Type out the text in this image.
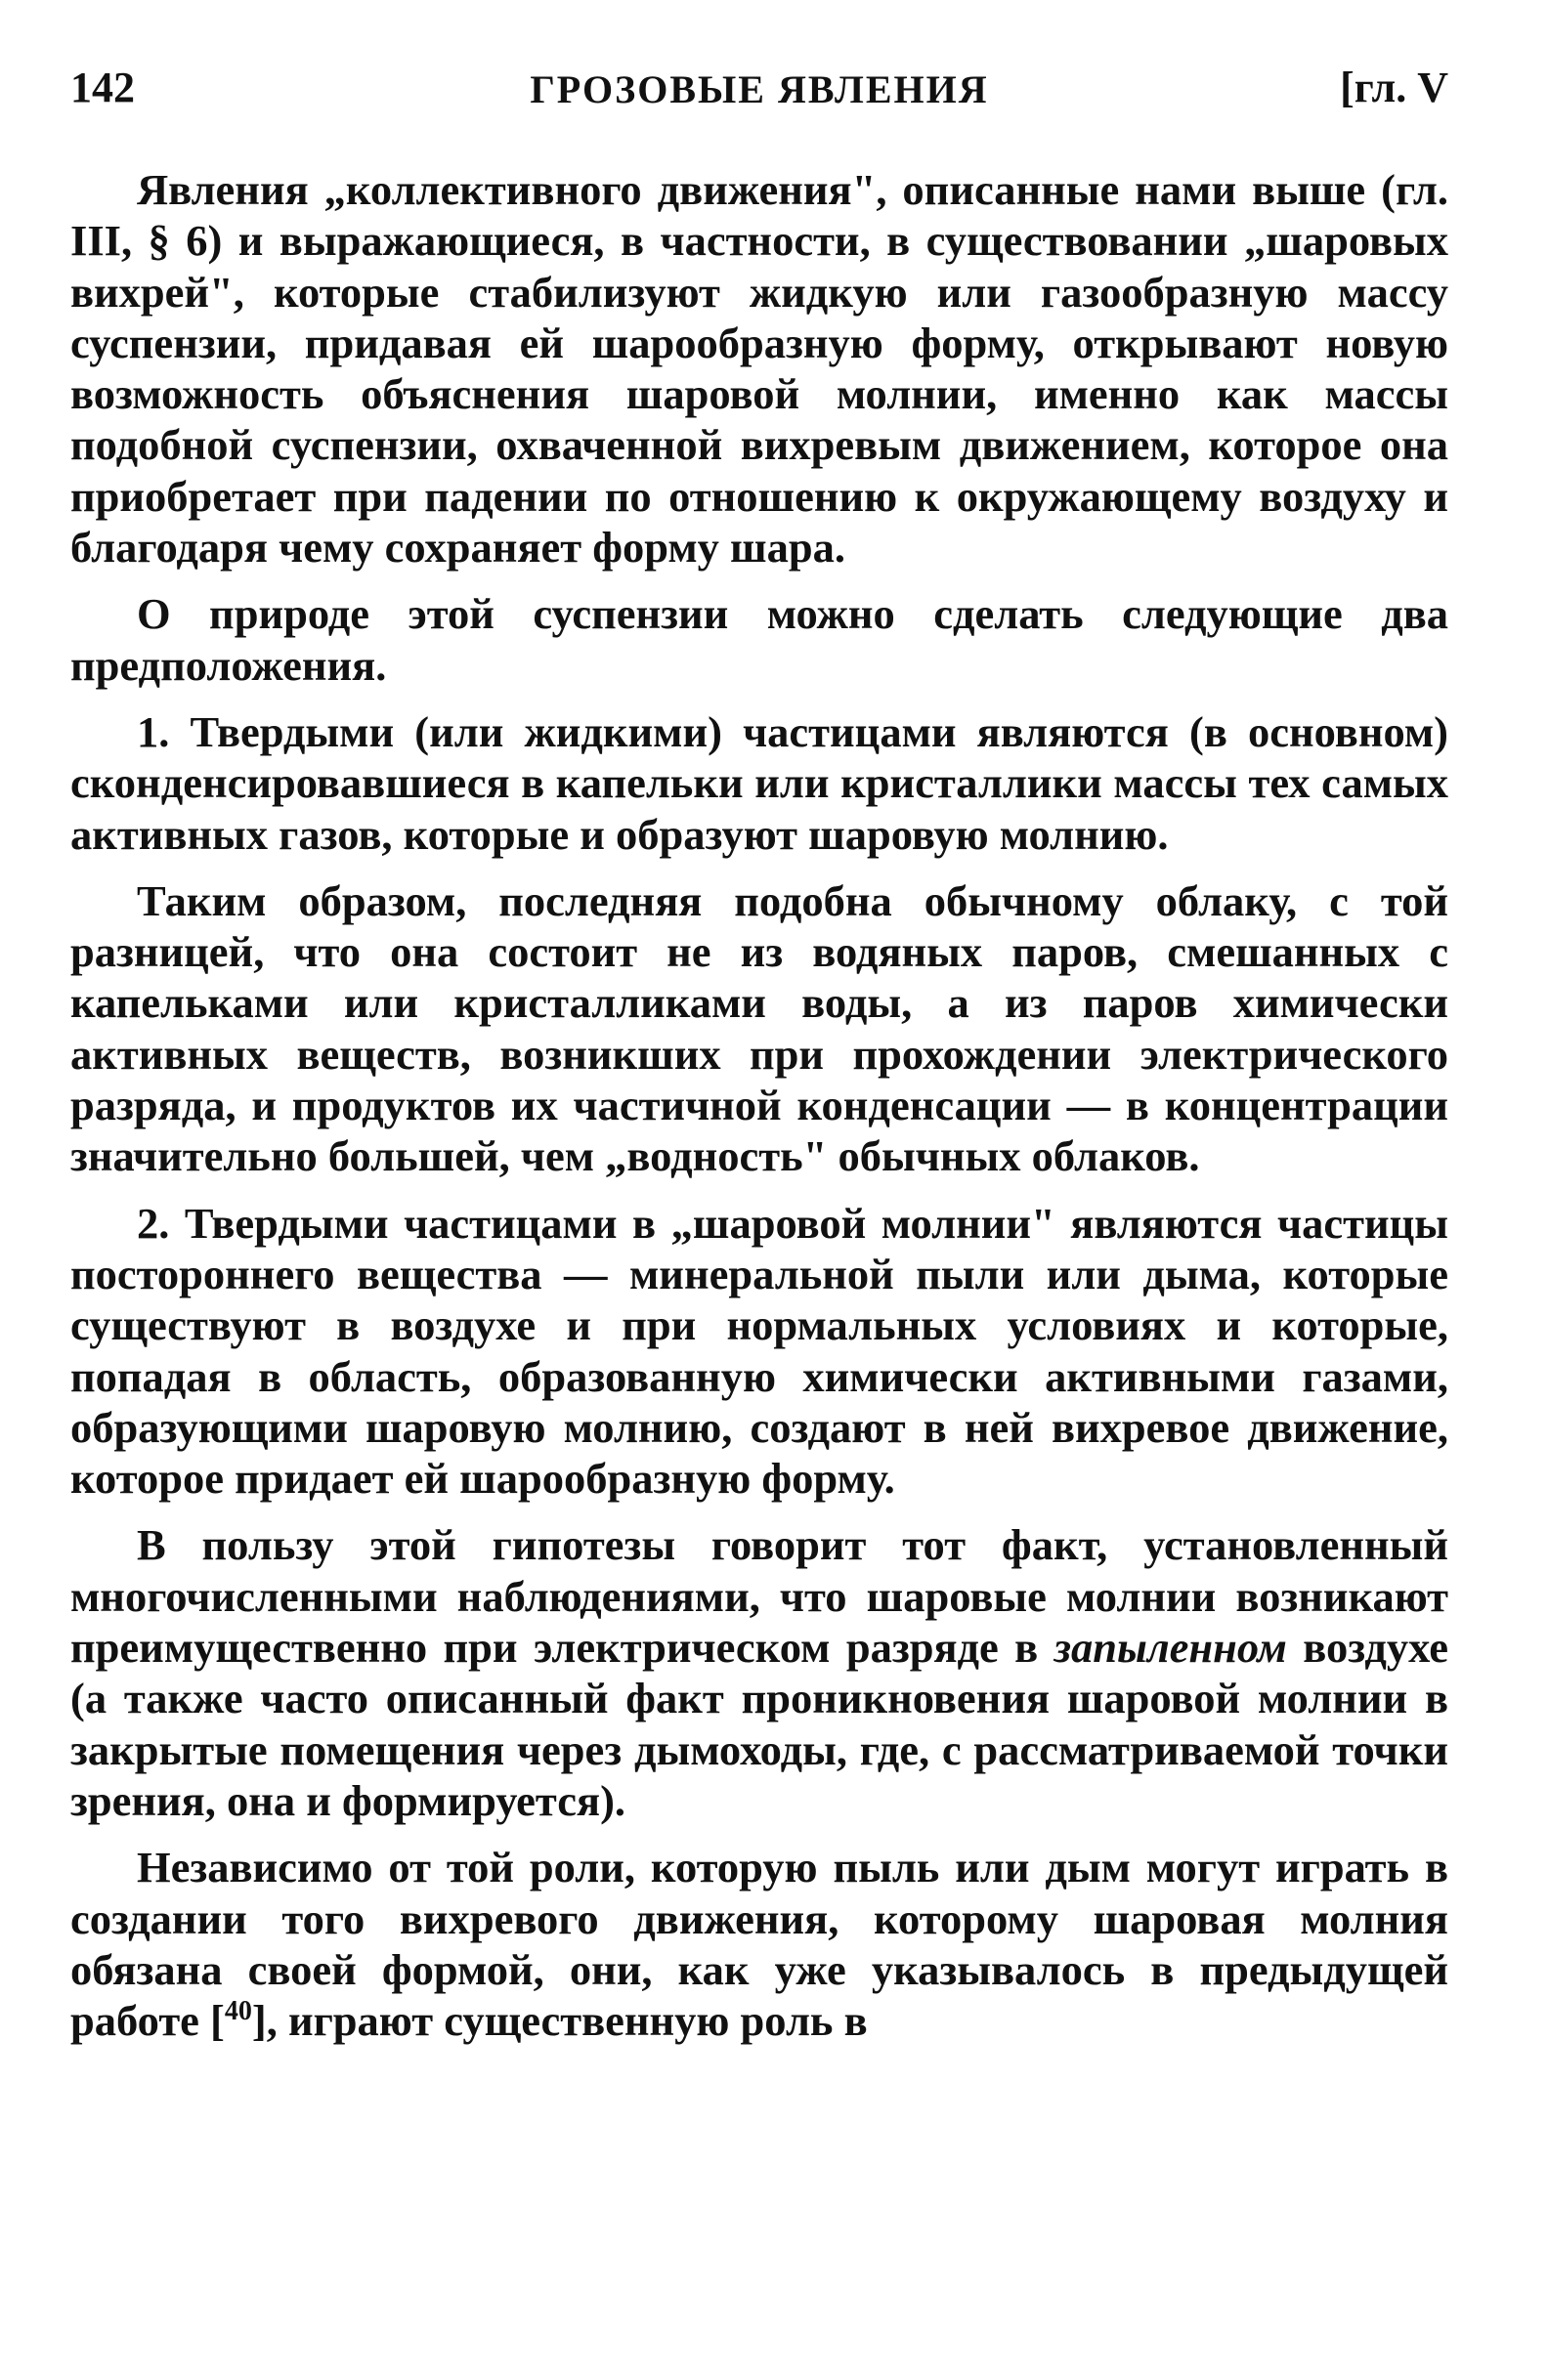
142	ГРОЗОВЫЕ ЯВЛЕНИЯ	[гл. V

Явления „коллективного движения", описанные нами выше (гл. III, § 6) и выражающиеся, в частности, в существовании „шаровых вихрей", которые стабилизуют жидкую или газообразную массу суспензии, придавая ей шарообразную форму, открывают новую возможность объяснения шаровой молнии, именно как массы подобной суспензии, охваченной вихревым движением, которое она приобретает при падении по отношению к окружающему воздуху и благодаря чему сохраняет форму шара.

О природе этой суспензии можно сделать следующие два предположения.

1. Твердыми (или жидкими) частицами являются (в основном) сконденсировавшиеся в капельки или кристаллики массы тех самых активных газов, которые и образуют шаровую молнию.

Таким образом, последняя подобна обычному облаку, с той разницей, что она состоит не из водяных паров, смешанных с капельками или кристалликами воды, а из паров химически активных веществ, возникших при прохождении электрического разряда, и продуктов их частичной конденсации — в концентрации значительно большей, чем „водность" обычных облаков.

2. Твердыми частицами в „шаровой молнии" являются частицы постороннего вещества — минеральной пыли или дыма, которые существуют в воздухе и при нормальных условиях и которые, попадая в область, образованную химически активными газами, образующими шаровую молнию, создают в ней вихревое движение, которое придает ей шарообразную форму.

В пользу этой гипотезы говорит тот факт, установленный многочисленными наблюдениями, что шаровые молнии возникают преимущественно при электрическом разряде в запыленном воздухе (а также часто описанный факт проникновения шаровой молнии в закрытые помещения через дымоходы, где, с рассматриваемой точки зрения, она и формируется).

Независимо от той роли, которую пыль или дым могут играть в создании того вихревого движения, которому шаровая молния обязана своей формой, они, как уже указывалось в предыдущей работе [$^{40}$], играют существенную роль в
